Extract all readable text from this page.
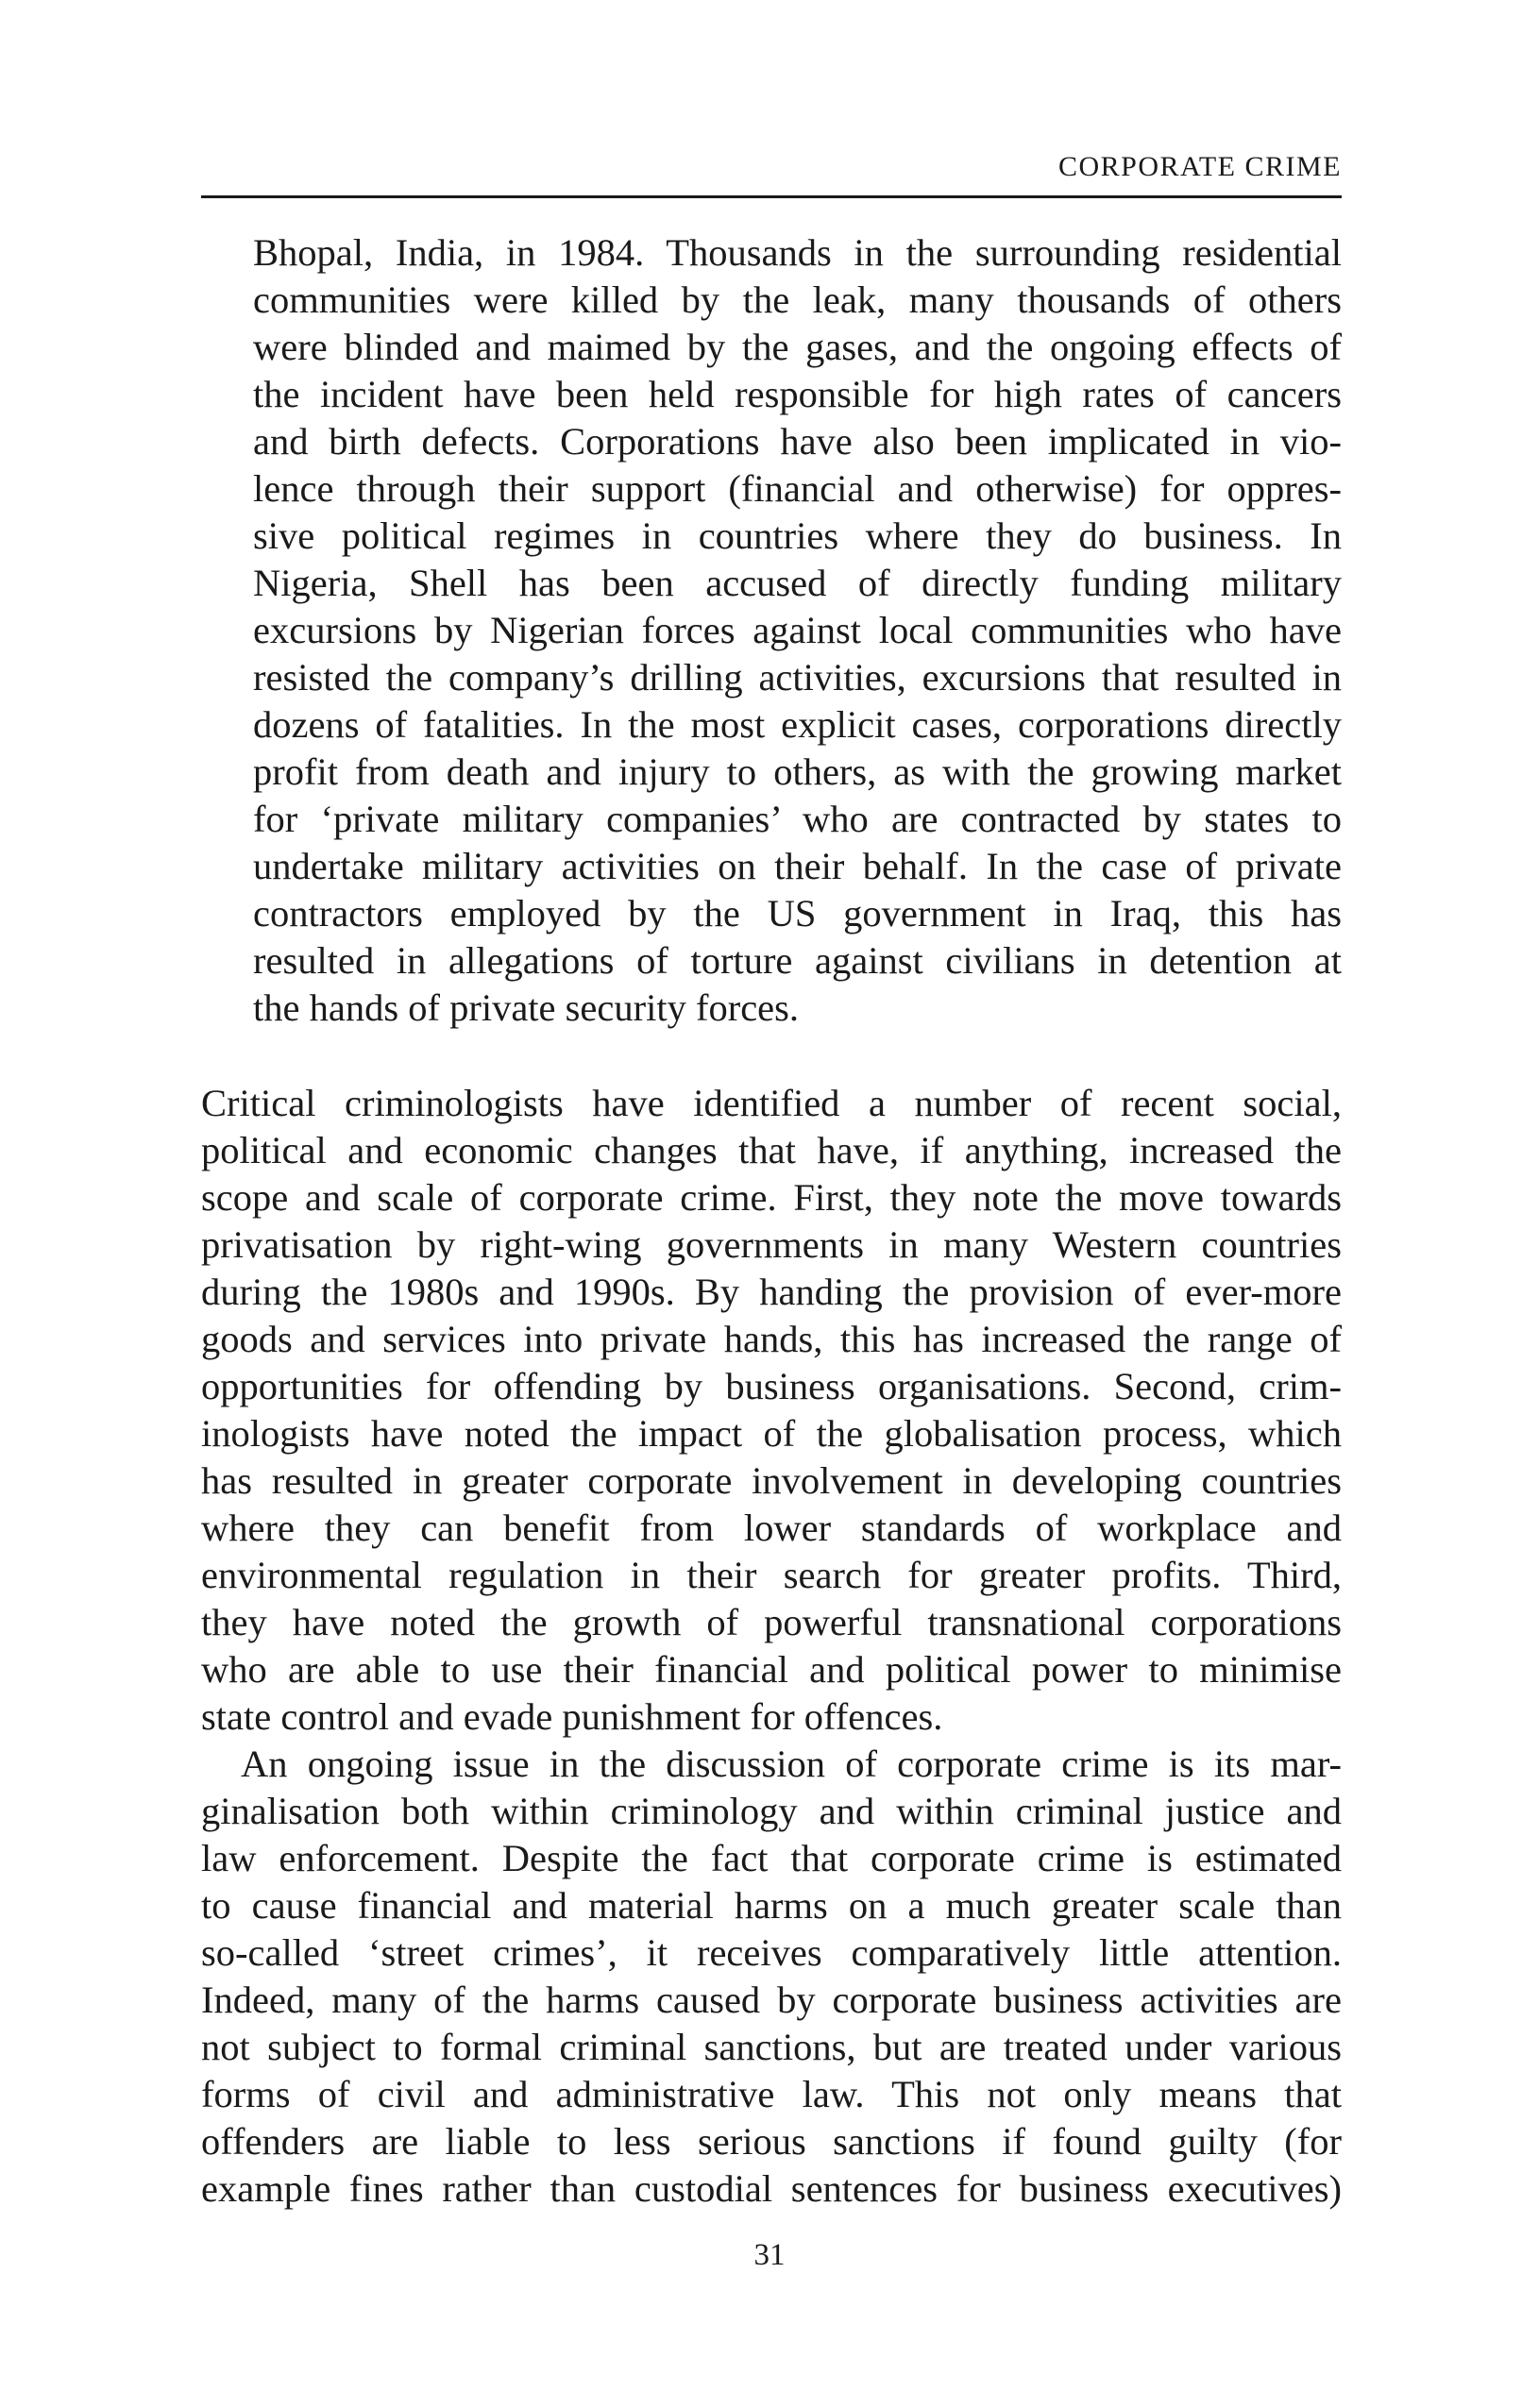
CORPORATE CRIME
Bhopal, India, in 1984. Thousands in the surrounding residential
communities were killed by the leak, many thousands of others
were blinded and maimed by the gases, and the ongoing effects of
the incident have been held responsible for high rates of cancers
and birth defects. Corporations have also been implicated in vio-
lence through their support (financial and otherwise) for oppres-
sive political regimes in countries where they do business. In
Nigeria, Shell has been accused of directly funding military
excursions by Nigerian forces against local communities who have
resisted the company’s drilling activities, excursions that resulted in
dozens of fatalities. In the most explicit cases, corporations directly
profit from death and injury to others, as with the growing market
for ‘private military companies’ who are contracted by states to
undertake military activities on their behalf. In the case of private
contractors employed by the US government in Iraq, this has
resulted in allegations of torture against civilians in detention at
the hands of private security forces.
Critical criminologists have identified a number of recent social,
political and economic changes that have, if anything, increased the
scope and scale of corporate crime. First, they note the move towards
privatisation by right-wing governments in many Western countries
during the 1980s and 1990s. By handing the provision of ever-more
goods and services into private hands, this has increased the range of
opportunities for offending by business organisations. Second, crim-
inologists have noted the impact of the globalisation process, which
has resulted in greater corporate involvement in developing countries
where they can benefit from lower standards of workplace and
environmental regulation in their search for greater profits. Third,
they have noted the growth of powerful transnational corporations
who are able to use their financial and political power to minimise
state control and evade punishment for offences.
An ongoing issue in the discussion of corporate crime is its mar-
ginalisation both within criminology and within criminal justice and
law enforcement. Despite the fact that corporate crime is estimated
to cause financial and material harms on a much greater scale than
so-called ‘street crimes’, it receives comparatively little attention.
Indeed, many of the harms caused by corporate business activities are
not subject to formal criminal sanctions, but are treated under various
forms of civil and administrative law. This not only means that
offenders are liable to less serious sanctions if found guilty (for
example fines rather than custodial sentences for business executives)
31
